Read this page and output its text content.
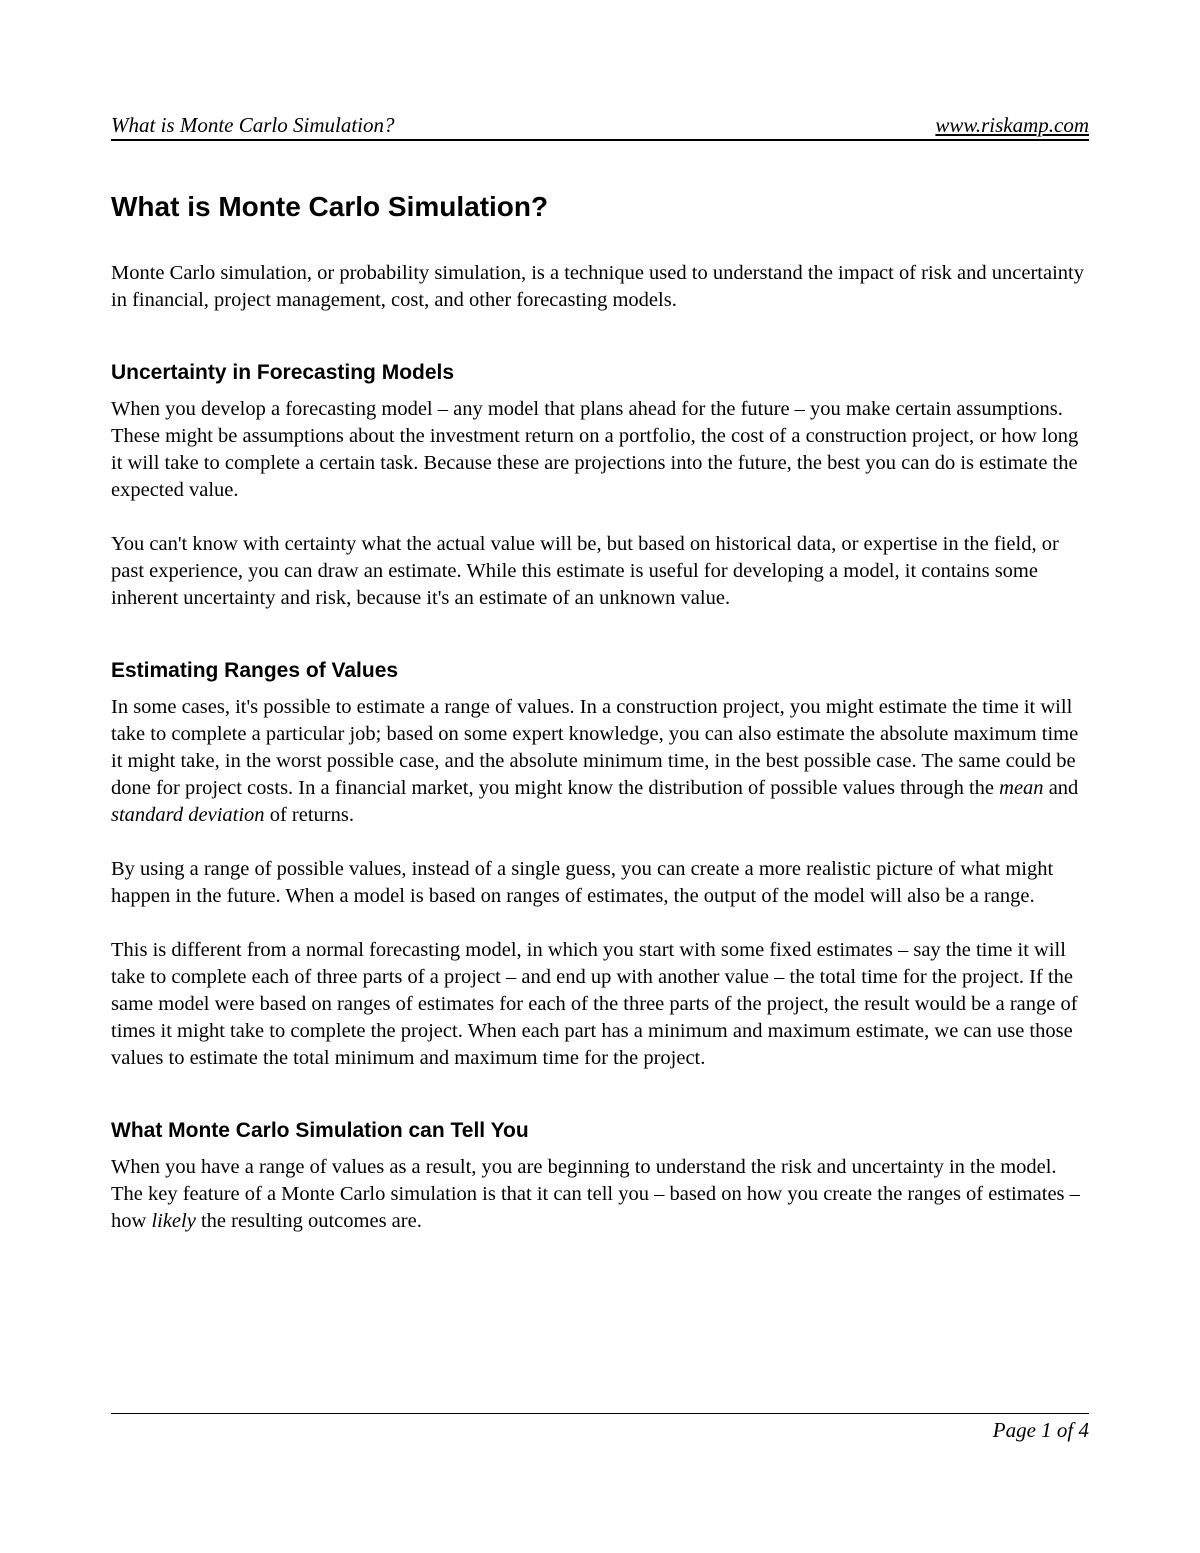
What is Monte Carlo Simulation?	www.riskamp.com
What is Monte Carlo Simulation?

Monte Carlo simulation, or probability simulation, is a technique used to understand the impact of risk and uncertainty in financial, project management, cost, and other forecasting models.

Uncertainty in Forecasting Models

When you develop a forecasting model – any model that plans ahead for the future – you make certain assumptions. These might be assumptions about the investment return on a portfolio, the cost of a construction project, or how long it will take to complete a certain task. Because these are projections into the future, the best you can do is estimate the expected value.

You can't know with certainty what the actual value will be, but based on historical data, or expertise in the field, or past experience, you can draw an estimate. While this estimate is useful for developing a model, it contains some inherent uncertainty and risk, because it's an estimate of an unknown value.

Estimating Ranges of Values

In some cases, it's possible to estimate a range of values. In a construction project, you might estimate the time it will take to complete a particular job; based on some expert knowledge, you can also estimate the absolute maximum time it might take, in the worst possible case, and the absolute minimum time, in the best possible case. The same could be done for project costs. In a financial market, you might know the distribution of possible values through the mean and standard deviation of returns.

By using a range of possible values, instead of a single guess, you can create a more realistic picture of what might happen in the future. When a model is based on ranges of estimates, the output of the model will also be a range.

This is different from a normal forecasting model, in which you start with some fixed estimates – say the time it will take to complete each of three parts of a project – and end up with another value – the total time for the project. If the same model were based on ranges of estimates for each of the three parts of the project, the result would be a range of times it might take to complete the project. When each part has a minimum and maximum estimate, we can use those values to estimate the total minimum and maximum time for the project.

What Monte Carlo Simulation can Tell You

When you have a range of values as a result, you are beginning to understand the risk and uncertainty in the model. The key feature of a Monte Carlo simulation is that it can tell you – based on how you create the ranges of estimates – how likely the resulting outcomes are.

Page 1 of 4
